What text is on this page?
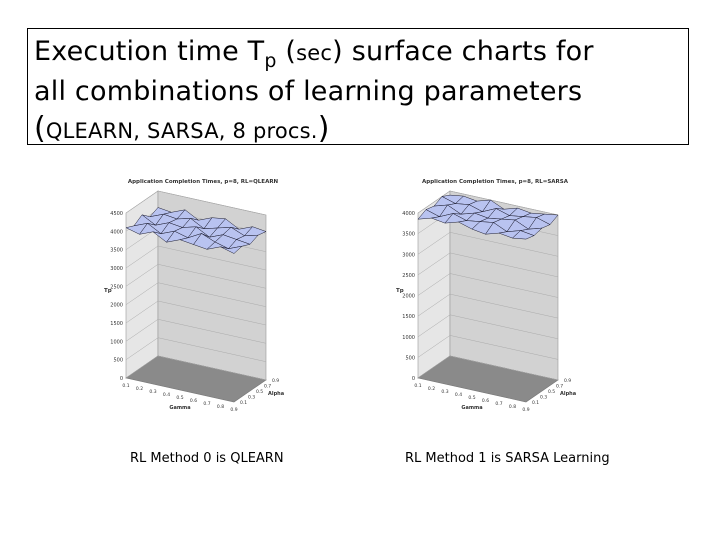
Execution time $T_p$ (sec) surface charts for
all combinations of learning parameters
(QLEARN, SARSA, 8 procs.)
0
500
1000
1500
2000
2500
3000
3500
4000
4500
0.1
0.2
0.3
0.4
0.5
0.6
0.7
0.8
0.9
0.1
0.3
0.5
0.7
0.9
Gamma
Alpha
Tp
Application Completion Times, p=8, RL=QLEARN
0
500
1000
1500
2000
2500
3000
3500
4000
0.1
0.2
0.3
0.4
0.5
0.6
0.7
0.8
0.9
0.1
0.3
0.5
0.7
0.9
Gamma
Alpha
Tp
Application Completion Times, p=8, RL=SARSA
RL Method 0 is QLEARN	RL Method 1 is SARSA Learning
